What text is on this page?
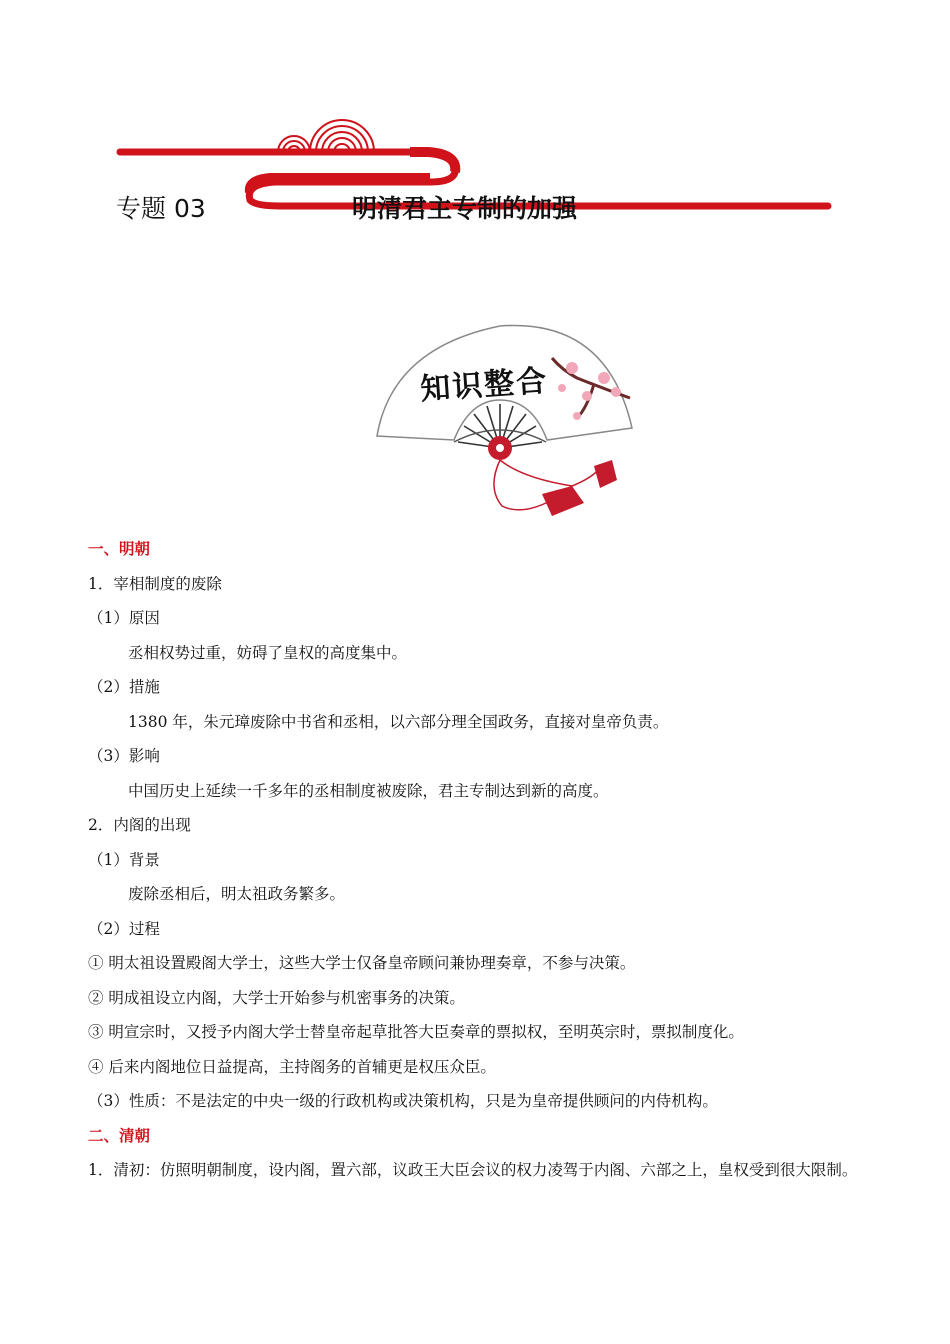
专题 03	明清君主专制的加强
知识整合
一、明朝
1．宰相制度的废除
（1）原因
丞相权势过重，妨碍了皇权的高度集中。
（2）措施
1380 年，朱元璋废除中书省和丞相，以六部分理全国政务，直接对皇帝负责。
（3）影响
中国历史上延续一千多年的丞相制度被废除，君主专制达到新的高度。
2．内阁的出现
（1）背景
废除丞相后，明太祖政务繁多。
（2）过程
① 明太祖设置殿阁大学士，这些大学士仅备皇帝顾问兼协理奏章，不参与决策。
② 明成祖设立内阁，大学士开始参与机密事务的决策。
③ 明宣宗时，又授予内阁大学士替皇帝起草批答大臣奏章的票拟权，至明英宗时，票拟制度化。
④ 后来内阁地位日益提高，主持阁务的首辅更是权压众臣。
（3）性质：不是法定的中央一级的行政机构或决策机构，只是为皇帝提供顾问的内侍机构。
二、清朝
1．清初：仿照明朝制度，设内阁，置六部，议政王大臣会议的权力凌驾于内阁、六部之上，皇权受到很大限制。
